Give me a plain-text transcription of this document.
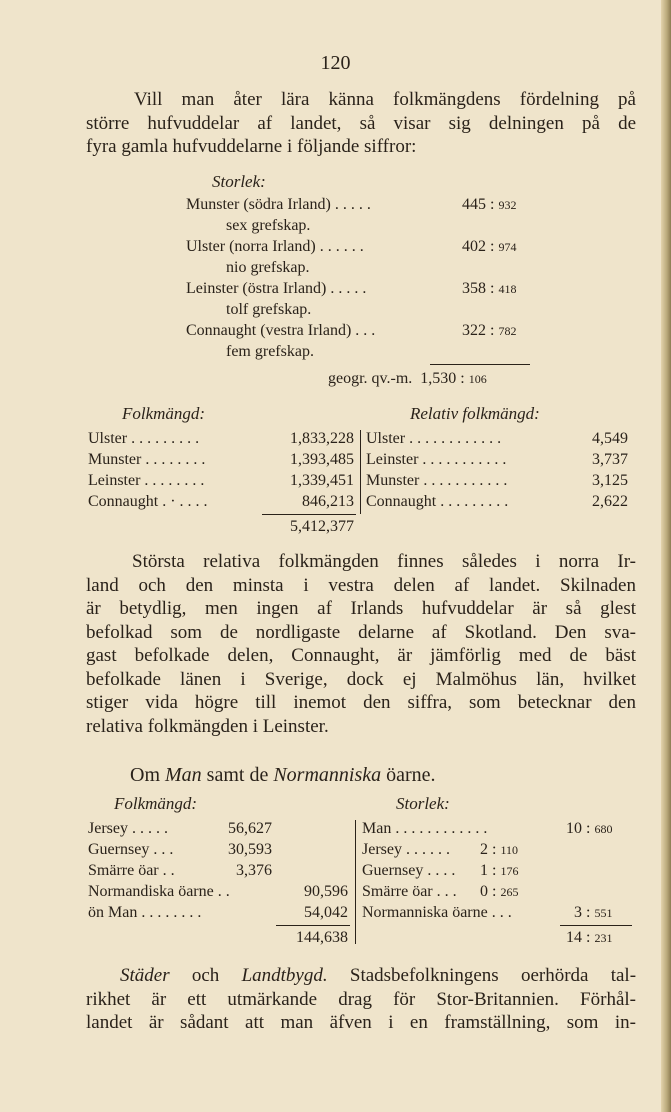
120
Vill man åter lära känna folkmängdens fördelning på
större hufvuddelar af landet, så visar sig delningen på de
fyra gamla hufvuddelarne i följande siffror:
Storlek:
Munster (södra Irland) . . . . .	445 : 932
sex grefskap.
Ulster (norra Irland) . . . . . .	402 : 974
nio grefskap.
Leinster (östra Irland) . . . . .	358 : 418
tolf grefskap.
Connaught (vestra Irland) . . .	322 : 782
fem grefskap.
geogr. qv.-m. 1,530 : 106
Folkmängd:	Relativ folkmängd:
Ulster . . . . . . . . .	1,833,228
Munster . . . . . . . .	1,393,485
Leinster . . . . . . . .	1,339,451
Connaught . · . . . .	846,213
5,412,377
Ulster . . . . . . . . . . . .	4,549
Leinster . . . . . . . . . . .	3,737
Munster . . . . . . . . . . .	3,125
Connaught . . . . . . . . .	2,622
Största relativa folkmängden finnes således i norra Ir-
land och den minsta i vestra delen af landet. Skilnaden
är betydlig, men ingen af Irlands hufvuddelar är så glest
befolkad som de nordligaste delarne af Skotland. Den sva-
gast befolkade delen, Connaught, är jämförlig med de bäst
befolkade länen i Sverige, dock ej Malmöhus län, hvilket
stiger vida högre till inemot den siffra, som betecknar den
relativa folkmängden i Leinster.
Om Man samt de Normanniska öarne.
Folkmängd:	Storlek:
Jersey . . . . .	56,627
Guernsey . . .	30,593
Smärre öar . .	3,376
Normandiska öarne . .	90,596
ön Man . . . . . . . .	54,042
144,638
Man . . . . . . . . . . . .	10 : 680
Jersey . . . . . . 2 : 110
Guernsey . . . . 1 : 176
Smärre öar . . . 0 : 265
Normanniska öarne . . .	3 : 551
14 : 231
Städer och Landtbygd. Stadsbefolkningens oerhörda tal-
rikhet är ett utmärkande drag för Stor-Britannien. Förhål-
landet är sådant att man äfven i en framställning, som in-
